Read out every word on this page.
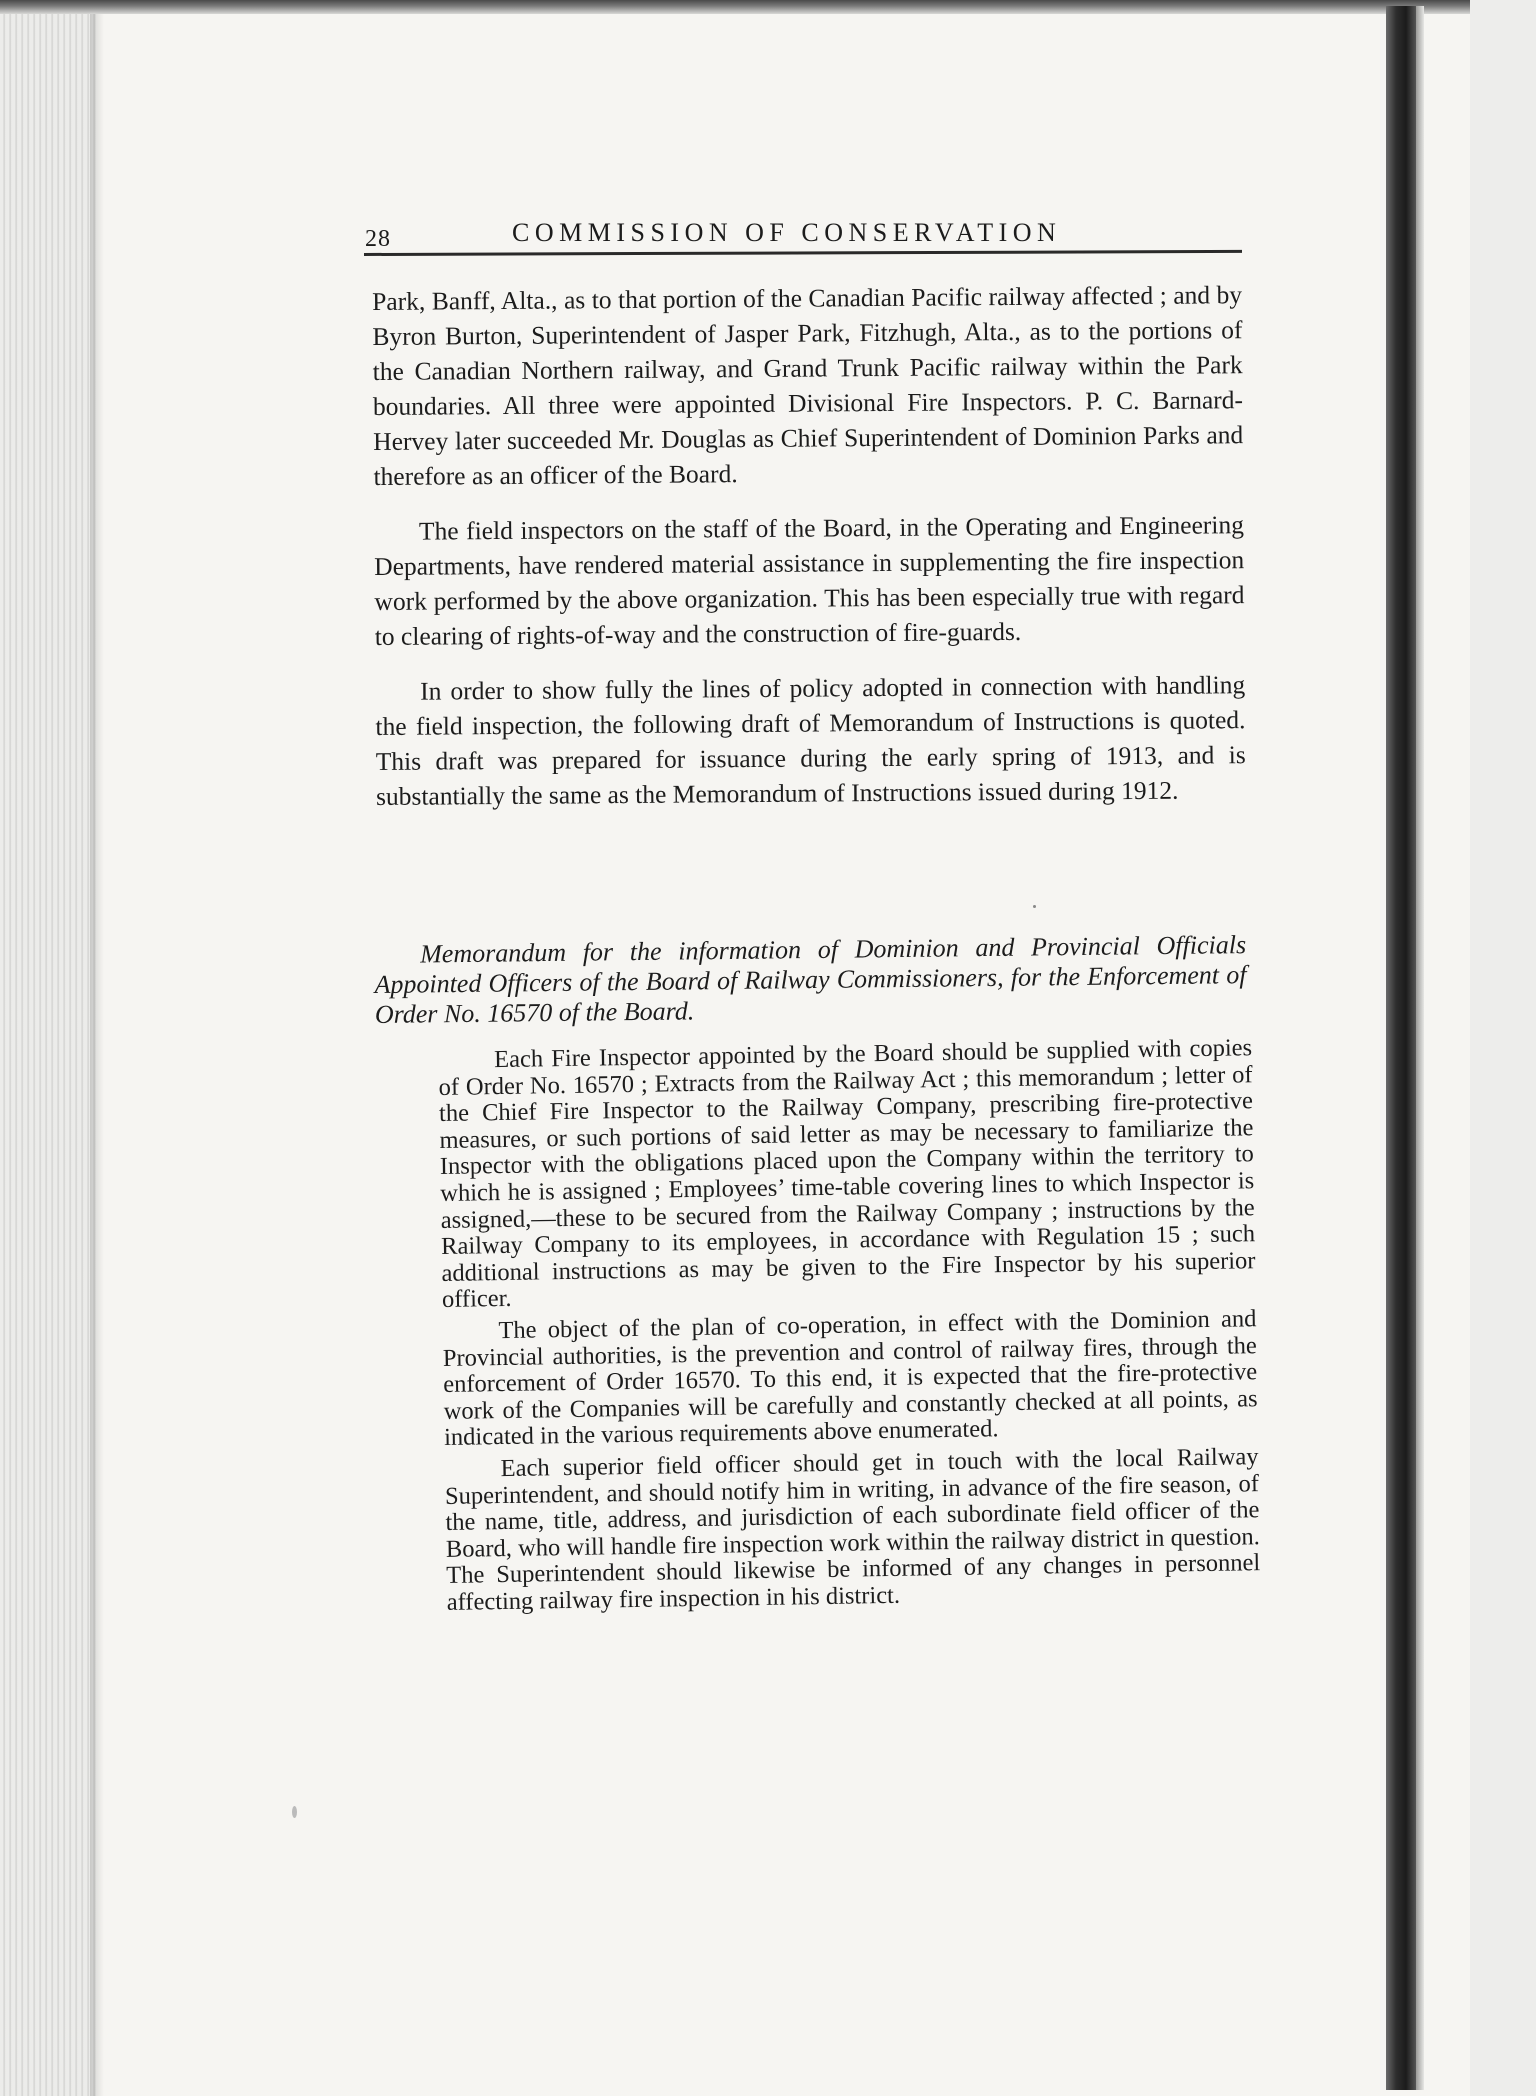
28	COMMISSION OF CONSERVATION

Park, Banff, Alta., as to that portion of the Canadian Pacific railway affected ; and by Byron Burton, Superintendent of Jasper Park, Fitzhugh, Alta., as to the portions of the Canadian Northern railway, and Grand Trunk Pacific railway within the Park boundaries. All three were appointed Divisional Fire Inspectors. P. C. Barnard-Hervey later succeeded Mr. Douglas as Chief Superintendent of Dominion Parks and therefore as an officer of the Board.

The field inspectors on the staff of the Board, in the Operating and Engineering Departments, have rendered material assistance in supplementing the fire inspection work performed by the above organization. This has been especially true with regard to clearing of rights-of-way and the construction of fire-guards.

In order to show fully the lines of policy adopted in connection with handling the field inspection, the following draft of Memorandum of Instructions is quoted. This draft was prepared for issuance during the early spring of 1913, and is substantially the same as the Memorandum of Instructions issued during 1912.

Memorandum for the information of Dominion and Provincial Officials Appointed Officers of the Board of Railway Commissioners, for the Enforcement of Order No. 16570 of the Board.

Each Fire Inspector appointed by the Board should be supplied with copies of Order No. 16570 ; Extracts from the Railway Act ; this memorandum ; letter of the Chief Fire Inspector to the Railway Company, prescribing fire-protective measures, or such portions of said letter as may be necessary to familiarize the Inspector with the obligations placed upon the Company within the territory to which he is assigned ; Employees’ time-table covering lines to which Inspector is assigned,—these to be secured from the Railway Company ; instructions by the Railway Company to its employees, in accordance with Regulation 15 ; such additional instructions as may be given to the Fire Inspector by his superior officer.

The object of the plan of co-operation, in effect with the Dominion and Provincial authorities, is the prevention and control of railway fires, through the enforcement of Order 16570. To this end, it is expected that the fire-protective work of the Companies will be carefully and constantly checked at all points, as indicated in the various requirements above enumerated.

Each superior field officer should get in touch with the local Railway Superintendent, and should notify him in writing, in advance of the fire season, of the name, title, address, and jurisdiction of each subordinate field officer of the Board, who will handle fire inspection work within the railway district in question. The Superintendent should likewise be informed of any changes in personnel affecting railway fire inspection in his district.
